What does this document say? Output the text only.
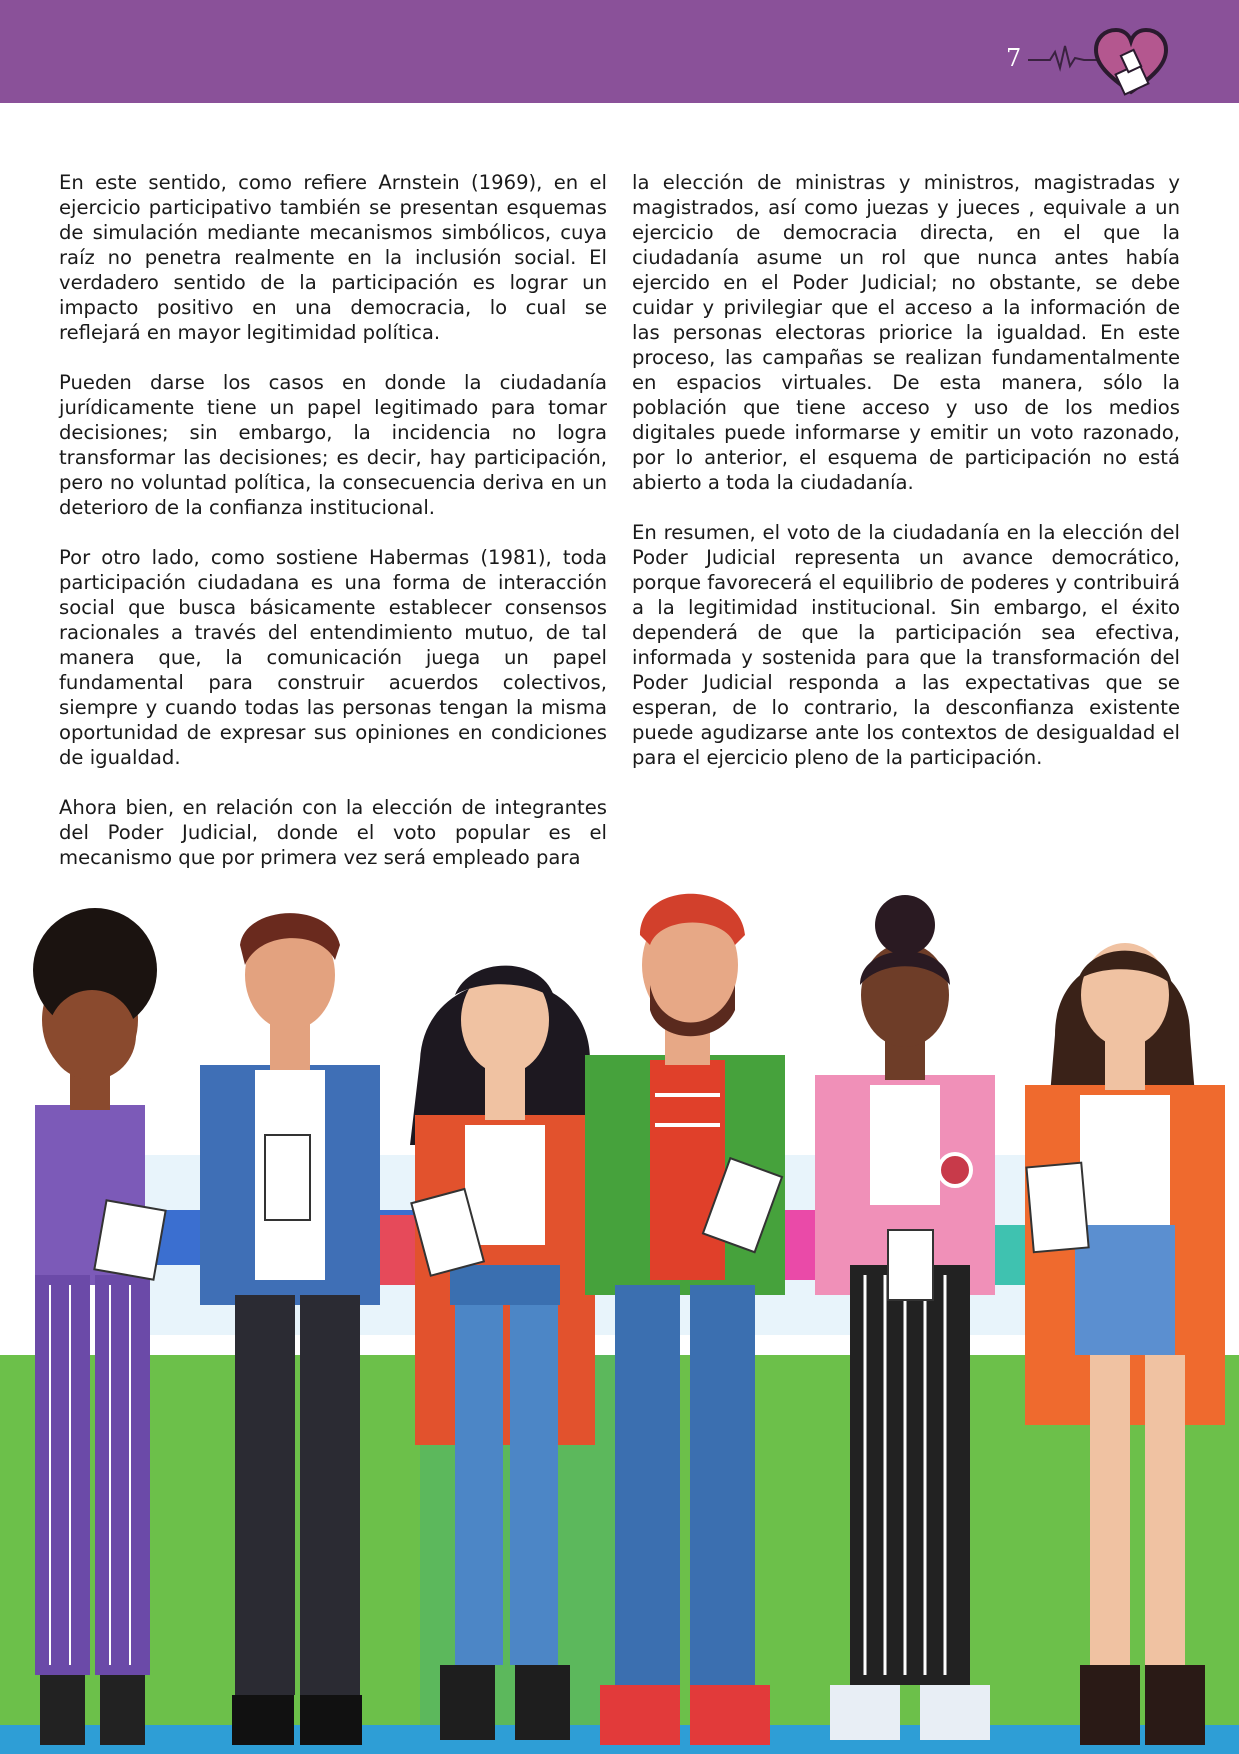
7

En este sentido, como refiere Arnstein (1969), en el ejercicio participativo también se presentan esquemas de simulación mediante mecanismos simbólicos, cuya raíz no penetra realmente en la inclusión social. El verdadero sentido de la participación es lograr un impacto positivo en una democracia, lo cual se reflejará en mayor legitimidad política.

Pueden darse los casos en donde la ciudadanía jurídicamente tiene un papel legitimado para tomar decisiones; sin embargo, la incidencia no logra transformar las decisiones; es decir, hay participación, pero no voluntad política, la consecuencia deriva en un deterioro de la confianza institucional.

Por otro lado, como sostiene Habermas (1981), toda participación ciudadana es una forma de interacción social que busca básicamente establecer consensos racionales a través del entendimiento mutuo, de tal manera que, la comunicación juega un papel fundamental para construir acuerdos colectivos, siempre y cuando todas las personas tengan la misma oportunidad de expresar sus opiniones en condiciones de igualdad.

Ahora bien, en relación con la elección de integrantes del Poder Judicial, donde el voto popular es el mecanismo que por primera vez será empleado para

la elección de ministras y ministros, magistradas y magistrados, así como juezas y jueces , equivale a un ejercicio de democracia directa, en el que la ciudadanía asume un rol que nunca antes había ejercido en el Poder Judicial; no obstante, se debe cuidar y privilegiar que el acceso a la información de las personas electoras priorice la igualdad. En este proceso, las campañas se realizan fundamentalmente en espacios virtuales. De esta manera, sólo la población que tiene acceso y uso de los medios digitales puede informarse y emitir un voto razonado, por lo anterior, el esquema de participación no está abierto a toda la ciudadanía.

En resumen, el voto de la ciudadanía en la elección del Poder Judicial representa un avance democrático, porque favorecerá el equilibrio de poderes y contribuirá a la legitimidad institucional. Sin embargo, el éxito dependerá de que la participación sea efectiva, informada y sostenida para que la transformación del Poder Judicial responda a las expectativas que se esperan, de lo contrario, la desconfianza existente puede agudizarse ante los contextos de desigualdad el para el ejercicio pleno de la participación.
